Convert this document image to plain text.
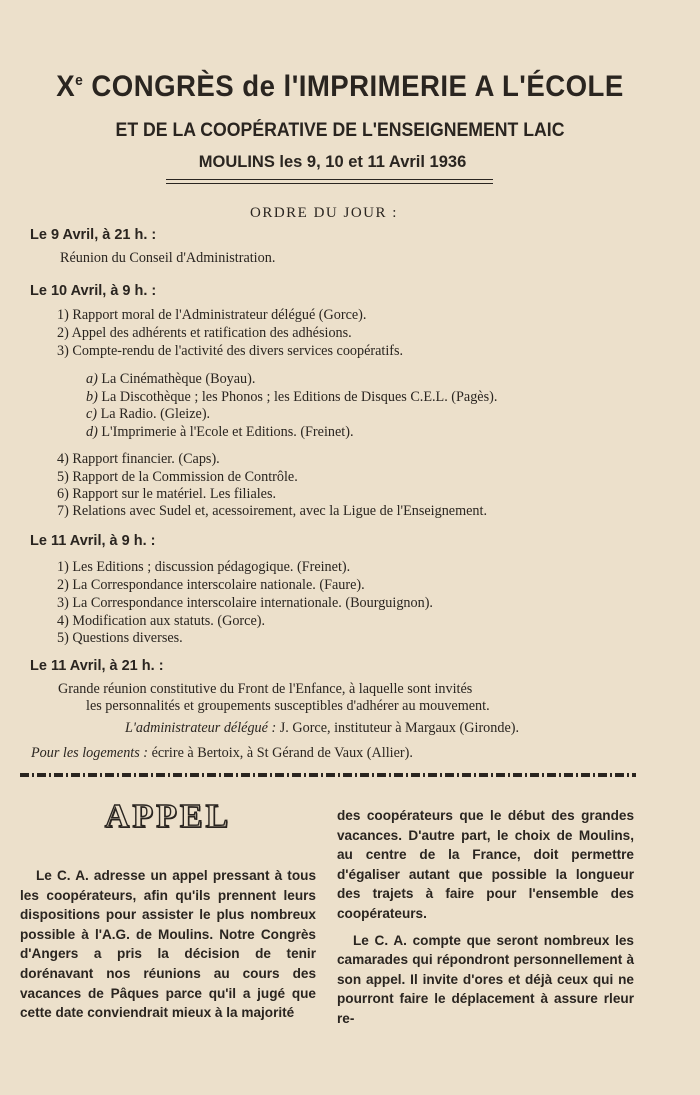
Xe CONGRÈS de l'IMPRIMERIE A L'ÉCOLE
ET DE LA COOPÉRATIVE DE L'ENSEIGNEMENT LAIC
MOULINS les 9, 10 et 11 Avril 1936
ORDRE DU JOUR :
Le 9 Avril, à 21 h. :
Réunion du Conseil d'Administration.
Le 10 Avril, à 9 h. :
1) Rapport moral de l'Administrateur délégué (Gorce).
2) Appel des adhérents et ratification des adhésions.
3) Compte-rendu de l'activité des divers services coopératifs.
a) La Cinémathèque (Boyau).
b) La Discothèque ; les Phonos ; les Editions de Disques C.E.L. (Pagès).
c) La Radio. (Gleize).
d) L'Imprimerie à l'Ecole et Editions. (Freinet).
4) Rapport financier. (Caps).
5) Rapport de la Commission de Contrôle.
6) Rapport sur le matériel. Les filiales.
7) Relations avec Sudel et, acessoirement, avec la Ligue de l'Enseignement.
Le 11 Avril, à 9 h. :
1) Les Editions ; discussion pédagogique. (Freinet).
2) La Correspondance interscolaire nationale. (Faure).
3) La Correspondance interscolaire internationale. (Bourguignon).
4) Modification aux statuts. (Gorce).
5) Questions diverses.
Le 11 Avril, à 21 h. :
Grande réunion constitutive du Front de l'Enfance, à laquelle sont invités
les personnalités et groupements susceptibles d'adhérer au mouvement.
L'administrateur délégué : J. Gorce, instituteur à Margaux (Gironde).
Pour les logements : écrire à Bertoix, à St Gérand de Vaux (Allier).
APPEL

Le C. A. adresse un appel pressant à tous les coopérateurs, afin qu'ils prennent leurs dispositions pour assister le plus nombreux possible à l'A.G. de Moulins. Notre Congrès d'Angers a pris la décision de tenir dorénavant nos réunions au cours des vacances de Pâques parce qu'il a jugé que cette date conviendrait mieux à la majorité

des coopérateurs que le début des grandes vacances. D'autre part, le choix de Moulins, au centre de la France, doit permettre d'égaliser autant que possible la longueur des trajets à faire pour l'ensemble des coopérateurs.

Le C. A. compte que seront nombreux les camarades qui répondront personnellement à son appel. Il invite d'ores et déjà ceux qui ne pourront faire le déplacement à assure rleur re-
